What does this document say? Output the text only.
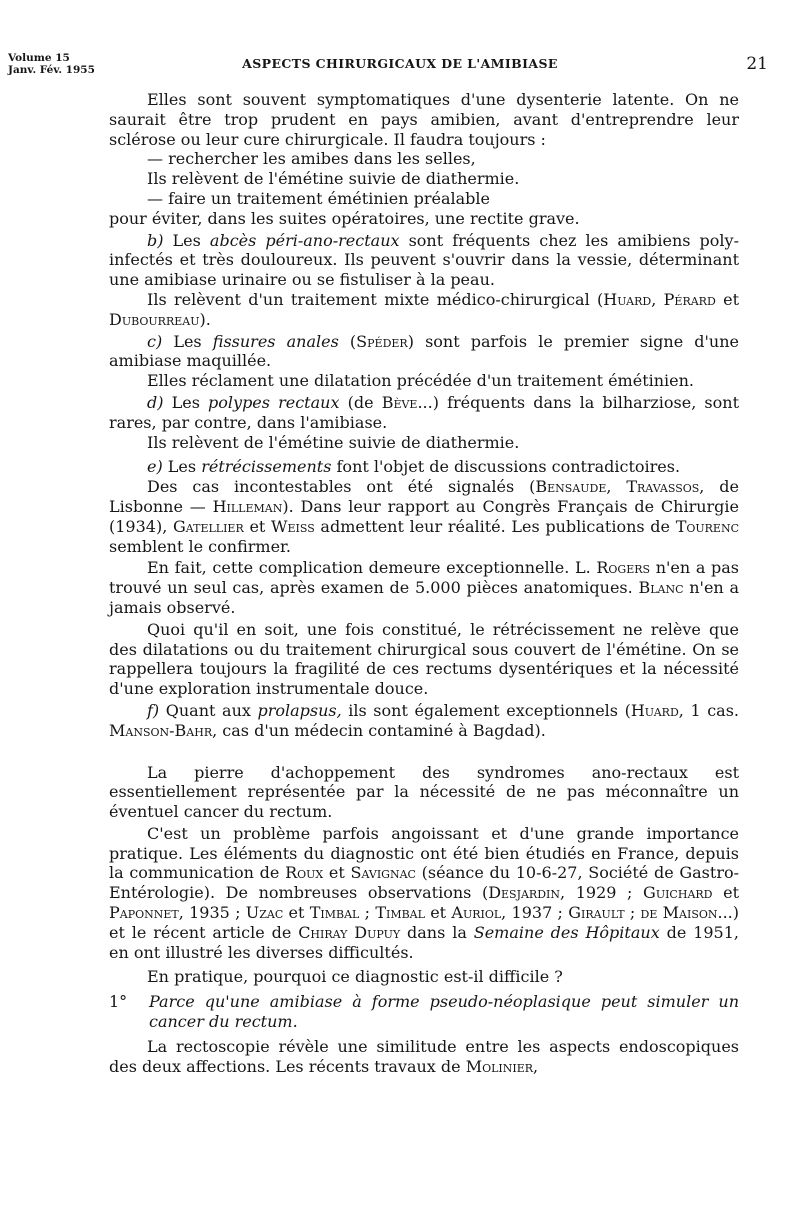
Volume 15
Janv. Fév. 1955	ASPECTS CHIRURGICAUX DE L'AMIBIASE	21

Elles sont souvent symptomatiques d'une dysenterie latente. On ne saurait être trop prudent en pays amibien, avant d'entreprendre leur sclérose ou leur cure chirurgicale. Il faudra toujours :

— rechercher les amibes dans les selles,

Ils relèvent de l'émétine suivie de diathermie.

— faire un traitement émétinien préalable

pour éviter, dans les suites opératoires, une rectite grave.

b) Les abcès péri-ano-rectaux sont fréquents chez les amibiens poly-infectés et très douloureux. Ils peuvent s'ouvrir dans la vessie, déterminant une amibiase urinaire ou se fistuliser à la peau.

Ils relèvent d'un traitement mixte médico-chirurgical (Huard, Pérard et Dubourreau).

c) Les fissures anales (Spéder) sont parfois le premier signe d'une amibiase maquillée.

Elles réclament une dilatation précédée d'un traitement émétinien.

d) Les polypes rectaux (de Bève...) fréquents dans la bilharziose, sont rares, par contre, dans l'amibiase.

Ils relèvent de l'émétine suivie de diathermie.

e) Les rétrécissements font l'objet de discussions contradictoires.

Des cas incontestables ont été signalés (Bensaude, Travassos, de Lisbonne — Hilleman). Dans leur rapport au Congrès Français de Chirurgie (1934), Gatellier et Weiss admettent leur réalité. Les publications de Tourenc semblent le confirmer.

En fait, cette complication demeure exceptionnelle. L. Rogers n'en a pas trouvé un seul cas, après examen de 5.000 pièces anatomiques. Blanc n'en a jamais observé.

Quoi qu'il en soit, une fois constitué, le rétrécissement ne relève que des dilatations ou du traitement chirurgical sous couvert de l'émétine. On se rappellera toujours la fragilité de ces rectums dysentériques et la nécessité d'une exploration instrumentale douce.

f) Quant aux prolapsus, ils sont également exceptionnels (Huard, 1 cas. Manson-Bahr, cas d'un médecin contaminé à Bagdad).

La pierre d'achoppement des syndromes ano-rectaux est essentiellement représentée par la nécessité de ne pas méconnaître un éventuel cancer du rectum.

C'est un problème parfois angoissant et d'une grande importance pratique. Les éléments du diagnostic ont été bien étudiés en France, depuis la communication de Roux et Savignac (séance du 10-6-27, Société de Gastro-Entérologie). De nombreuses observations (Desjardin, 1929 ; Guichard et Paponnet, 1935 ; Uzac et Timbal ; Timbal et Auriol, 1937 ; Girault ; de Maison...) et le récent article de Chiray Dupuy dans la Semaine des Hôpitaux de 1951, en ont illustré les diverses difficultés.

En pratique, pourquoi ce diagnostic est-il difficile ?

1° Parce qu'une amibiase à forme pseudo-néoplasique peut simuler un cancer du rectum.

La rectoscopie révèle une similitude entre les aspects endoscopiques des deux affections. Les récents travaux de Molinier,
